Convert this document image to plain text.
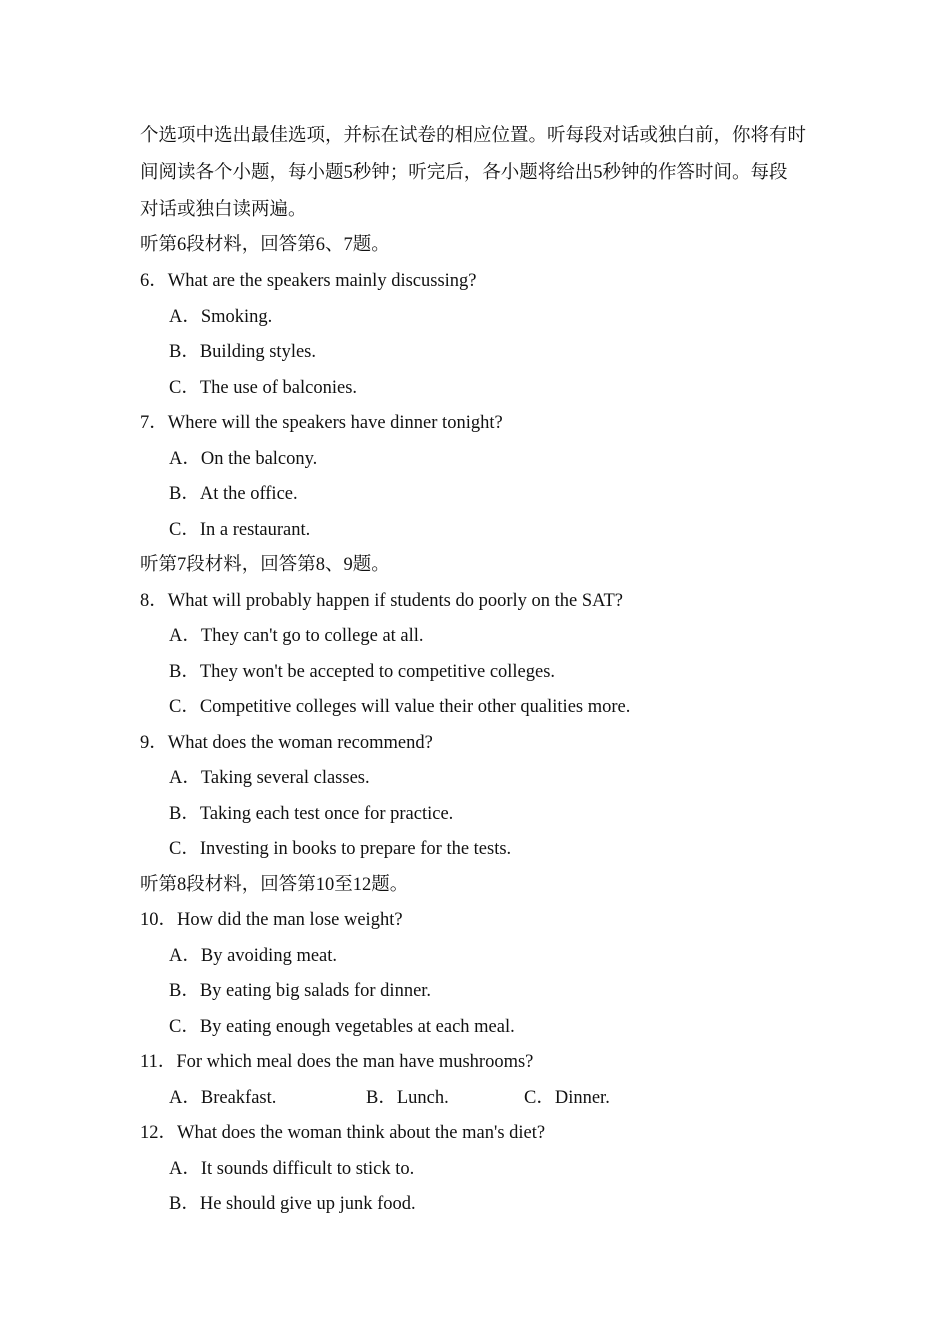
个选项中选出最佳选项，并标在试卷的相应位置。听每段对话或独白前，你将有时
间阅读各个小题，每小题5秒钟；听完后，各小题将给出5秒钟的作答时间。每段
对话或独白读两遍。
听第6段材料，回答第6、7题。
6．What are the speakers mainly discussing?
A．Smoking.
B．Building styles.
C．The use of balconies.
7．Where will the speakers have dinner tonight?
A．On the balcony.
B．At the office.
C．In a restaurant.
听第7段材料，回答第8、9题。
8．What will probably happen if students do poorly on the SAT?
A．They can't go to college at all.
B．They won't be accepted to competitive colleges.
C．Competitive colleges will value their other qualities more.
9．What does the woman recommend?
A．Taking several classes.
B．Taking each test once for practice.
C．Investing in books to prepare for the tests.
听第8段材料，回答第10至12题。
10．How did the man lose weight?
A．By avoiding meat.
B．By eating big salads for dinner.
C．By eating enough vegetables at each meal.
11．For which meal does the man have mushrooms?
A．Breakfast.	B．Lunch.	C．Dinner.
12．What does the woman think about the man's diet?
A．It sounds difficult to stick to.
B．He should give up junk food.
